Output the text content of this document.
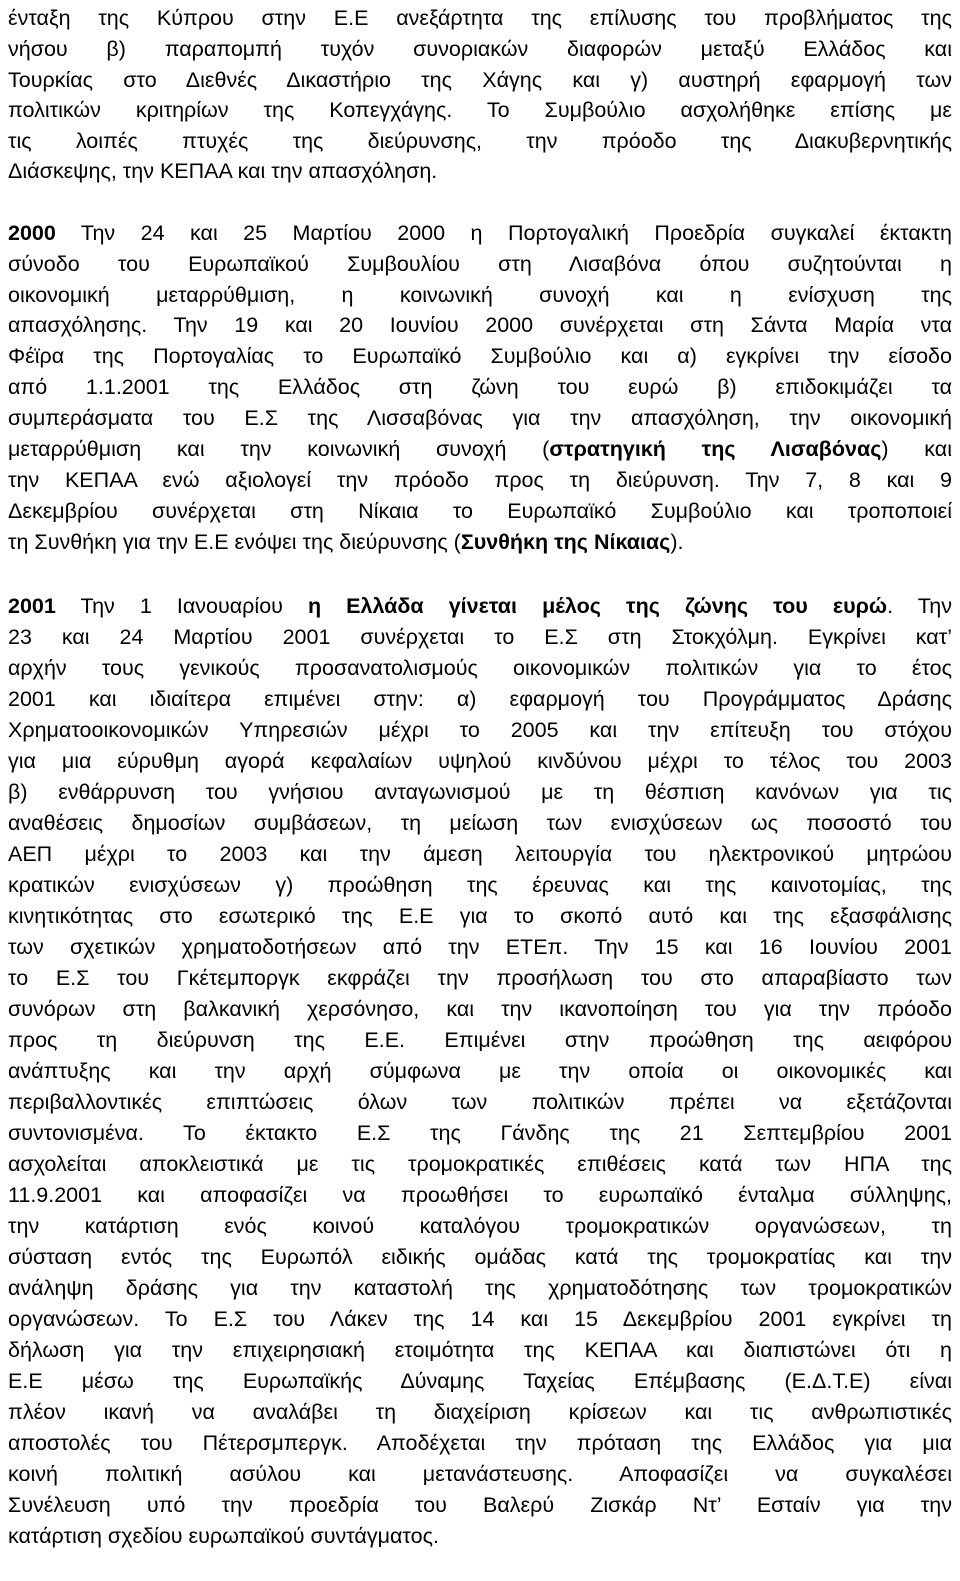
ένταξη της Κύπρου στην Ε.Ε ανεξάρτητα της επίλυσης του προβλήματος της
νήσου β) παραπομπή τυχόν συνοριακών διαφορών μεταξύ Ελλάδος και
Τουρκίας στο Διεθνές Δικαστήριο της Χάγης και γ) αυστηρή εφαρμογή των
πολιτικών κριτηρίων της Κοπεγχάγης. Το Συμβούλιο ασχολήθηκε επίσης με
τις λοιπές πτυχές της διεύρυνσης, την πρόοδο της Διακυβερνητικής
Διάσκεψης, την ΚΕΠΑΑ και την απασχόληση.
2000 Την 24 και 25 Μαρτίου 2000 η Πορτογαλική Προεδρία συγκαλεί έκτακτη
σύνοδο του Ευρωπαϊκού Συμβουλίου στη Λισαβόνα όπου συζητούνται η
οικονομική μεταρρύθμιση, η κοινωνική συνοχή και η ενίσχυση της
απασχόλησης. Την 19 και 20 Ιουνίου 2000 συνέρχεται στη Σάντα Μαρία ντα
Φέϊρα της Πορτογαλίας το Ευρωπαϊκό Συμβούλιο και α) εγκρίνει την είσοδο
από 1.1.2001 της Ελλάδος στη ζώνη του ευρώ β) επιδοκιμάζει τα
συμπεράσματα του Ε.Σ της Λισσαβόνας για την απασχόληση, την οικονομική
μεταρρύθμιση και την κοινωνική συνοχή (στρατηγική της Λισαβόνας) και
την ΚΕΠΑΑ ενώ αξιολογεί την πρόοδο προς τη διεύρυνση. Την 7, 8 και 9
Δεκεμβρίου συνέρχεται στη Νίκαια το Ευρωπαϊκό Συμβούλιο και τροποποιεί
τη Συνθήκη για την Ε.Ε ενόψει της διεύρυνσης (Συνθήκη της Νίκαιας).
2001 Την 1 Ιανουαρίου η Ελλάδα γίνεται μέλος της ζώνης του ευρώ. Την
23 και 24 Μαρτίου 2001 συνέρχεται το Ε.Σ στη Στοκχόλμη. Εγκρίνει κατ’
αρχήν τους γενικούς προσανατολισμούς οικονομικών πολιτικών για το έτος
2001 και ιδιαίτερα επιμένει στην: α) εφαρμογή του Προγράμματος Δράσης
Χρηματοοικονομικών Υπηρεσιών μέχρι το 2005 και την επίτευξη του στόχου
για μια εύρυθμη αγορά κεφαλαίων υψηλού κινδύνου μέχρι το τέλος του 2003
β) ενθάρρυνση του γνήσιου ανταγωνισμού με τη θέσπιση κανόνων για τις
αναθέσεις δημοσίων συμβάσεων, τη μείωση των ενισχύσεων ως ποσοστό του
ΑΕΠ μέχρι το 2003 και την άμεση λειτουργία του ηλεκτρονικού μητρώου
κρατικών ενισχύσεων γ) προώθηση της έρευνας και της καινοτομίας, της
κινητικότητας στο εσωτερικό της Ε.Ε για το σκοπό αυτό και της εξασφάλισης
των σχετικών χρηματοδοτήσεων από την ΕΤΕπ. Την 15 και 16 Ιουνίου 2001
το Ε.Σ του Γκέτεμποργκ εκφράζει την προσήλωση του στο απαραβίαστο των
συνόρων στη βαλκανική χερσόνησο, και την ικανοποίηση του για την πρόοδο
προς τη διεύρυνση της Ε.Ε. Επιμένει στην προώθηση της αειφόρου
ανάπτυξης και την αρχή σύμφωνα με την οποία οι οικονομικές και
περιβαλλοντικές επιπτώσεις όλων των πολιτικών πρέπει να εξετάζονται
συντονισμένα. Το έκτακτο Ε.Σ της Γάνδης της 21 Σεπτεμβρίου 2001
ασχολείται αποκλειστικά με τις τρομοκρατικές επιθέσεις κατά των ΗΠΑ της
11.9.2001 και αποφασίζει να προωθήσει το ευρωπαϊκό ένταλμα σύλληψης,
την κατάρτιση ενός κοινού καταλόγου τρομοκρατικών οργανώσεων, τη
σύσταση εντός της Ευρωπόλ ειδικής ομάδας κατά της τρομοκρατίας και την
ανάληψη δράσης για την καταστολή της χρηματοδότησης των τρομοκρατικών
οργανώσεων. Το Ε.Σ του Λάκεν της 14 και 15 Δεκεμβρίου 2001 εγκρίνει τη
δήλωση για την επιχειρησιακή ετοιμότητα της ΚΕΠΑΑ και διαπιστώνει ότι η
Ε.Ε μέσω της Ευρωπαϊκής Δύναμης Ταχείας Επέμβασης (Ε.Δ.Τ.Ε) είναι
πλέον ικανή να αναλάβει τη διαχείριση κρίσεων και τις ανθρωπιστικές
αποστολές του Πέτερσμπεργκ. Αποδέχεται την πρόταση της Ελλάδος για μια
κοινή πολιτική ασύλου και μετανάστευσης. Αποφασίζει να συγκαλέσει
Συνέλευση υπό την προεδρία του Βαλερύ Ζισκάρ Ντ’ Εσταίν για την
κατάρτιση σχεδίου ευρωπαϊκού συντάγματος.
